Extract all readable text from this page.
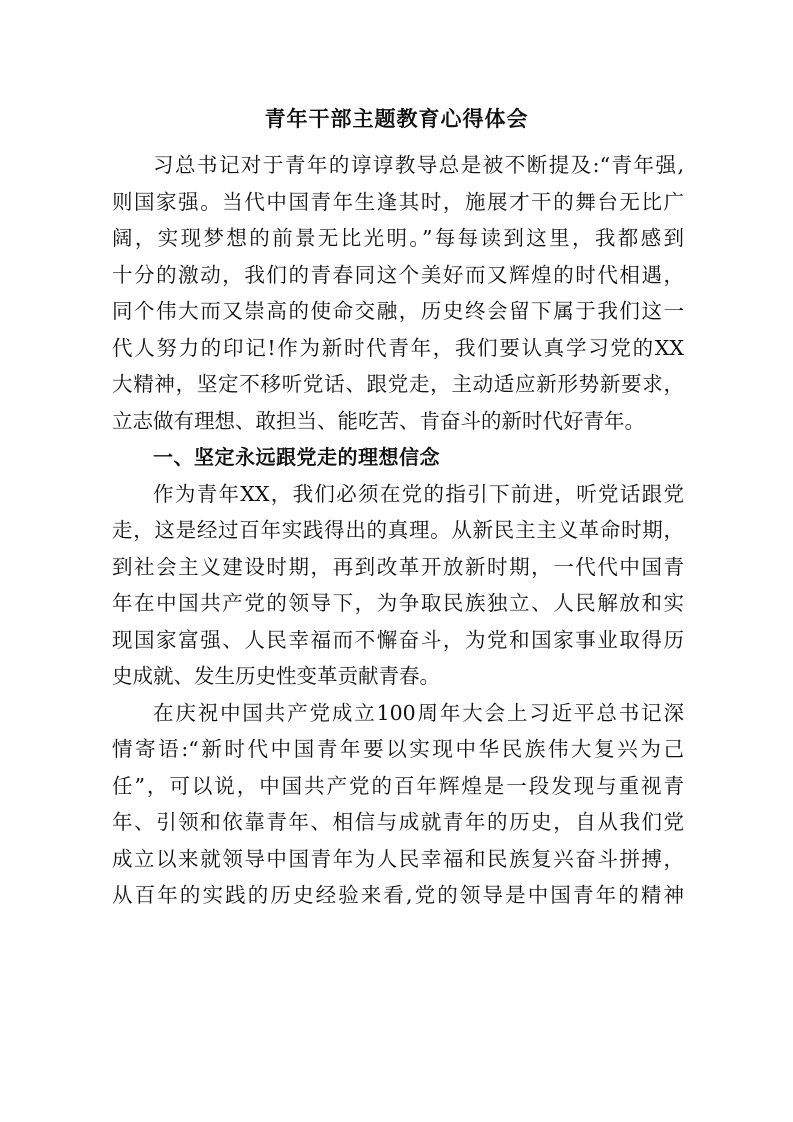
青年干部主题教育心得体会
习总书记对于青年的谆谆教导总是被不断提及:“青年强,
则国家强。当代中国青年生逢其时，施展才干的舞台无比广
阔，实现梦想的前景无比光明。”每每读到这里，我都感到
十分的激动，我们的青春同这个美好而又辉煌的时代相遇，
同个伟大而又崇高的使命交融，历史终会留下属于我们这一
代人努力的印记!作为新时代青年，我们要认真学习党的XX
大精神，坚定不移听党话、跟党走，主动适应新形势新要求，
立志做有理想、敢担当、能吃苦、肯奋斗的新时代好青年。
一、坚定永远跟党走的理想信念
作为青年XX，我们必须在党的指引下前进，听党话跟党
走，这是经过百年实践得出的真理。从新民主主义革命时期，
到社会主义建设时期，再到改革开放新时期，一代代中国青
年在中国共产党的领导下，为争取民族独立、人民解放和实
现国家富强、人民幸福而不懈奋斗，为党和国家事业取得历
史成就、发生历史性变革贡献青春。
在庆祝中国共产党成立100周年大会上习近平总书记深
情寄语:“新时代中国青年要以实现中华民族伟大复兴为己
任”，可以说，中国共产党的百年辉煌是一段发现与重视青
年、引领和依靠青年、相信与成就青年的历史，自从我们党
成立以来就领导中国青年为人民幸福和民族复兴奋斗拼搏，
从百年的实践的历史经验来看,党的领导是中国青年的精神
